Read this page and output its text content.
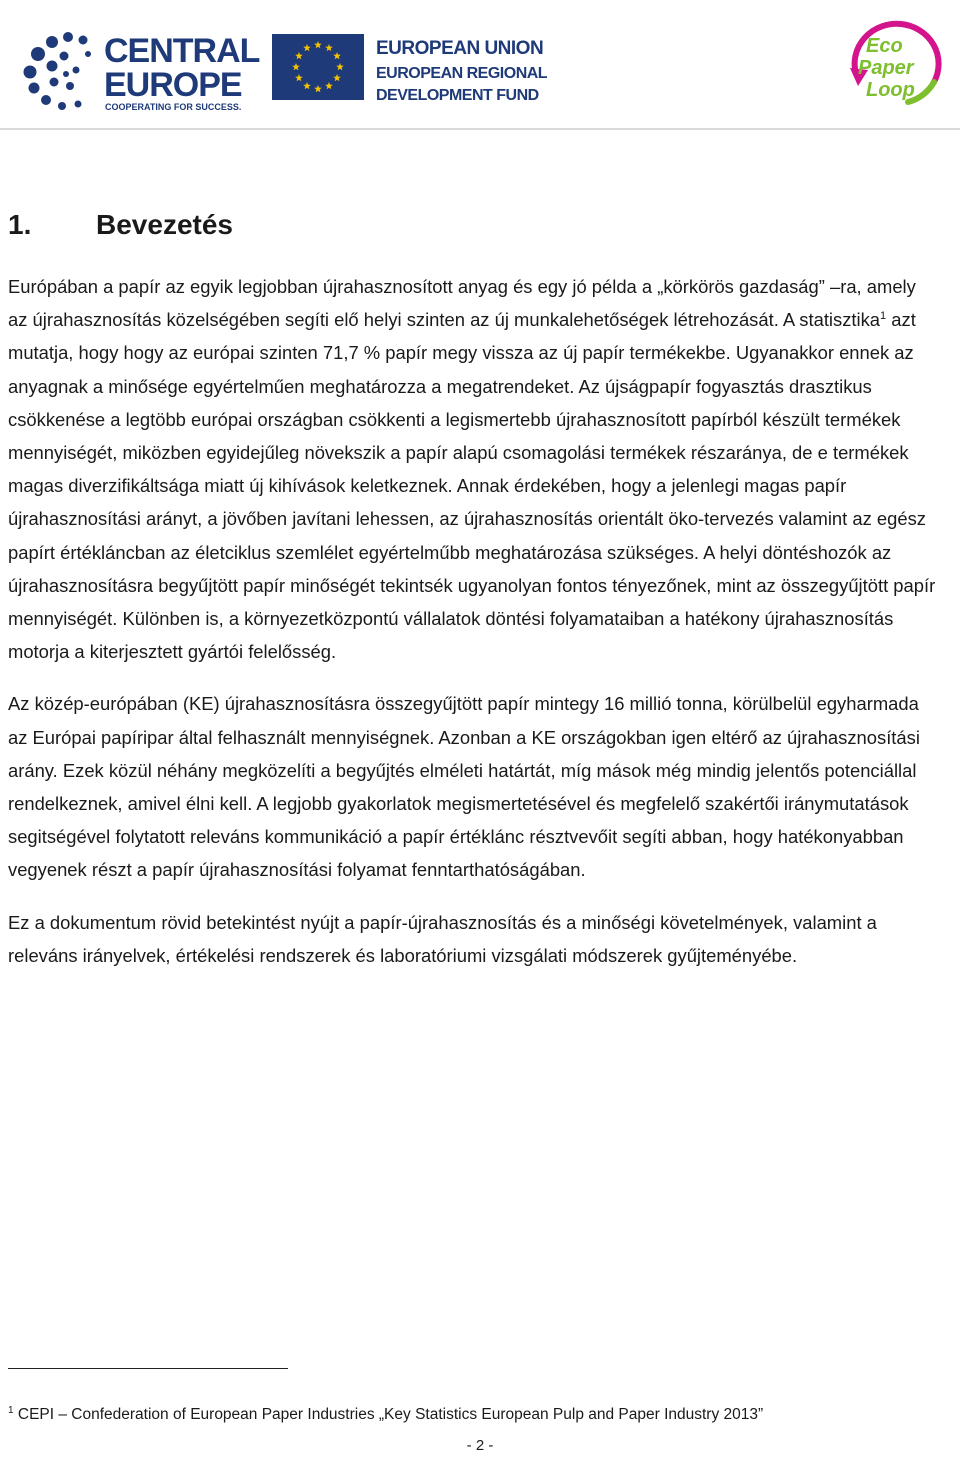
CENTRAL
EUROPE
COOPERATING FOR SUCCESS.
EUROPEAN UNION
EUROPEAN REGIONAL
DEVELOPMENT FUND
Eco
Paper
Loop
1.	Bevezetés

Európában a papír az egyik legjobban újrahasznosított anyag és egy jó példa a „körkörös gazdaság” –ra, amely az újrahasznosítás közelségében segíti elő helyi szinten az új munkalehetőségek létrehozását. A statisztika$^1$ azt mutatja, hogy hogy az európai szinten 71,7 % papír megy vissza az új papír termékekbe. Ugyanakkor ennek az anyagnak a minősége egyértelműen meghatározza a megatrendeket. Az újságpapír fogyasztás drasztikus csökkenése a legtöbb európai országban csökkenti a legismertebb újrahasznosított papírból készült termékek mennyiségét, miközben egyidejűleg növekszik a papír alapú csomagolási termékek részaránya, de e termékek magas diverzifikáltsága miatt új kihívások keletkeznek. Annak érdekében, hogy a jelenlegi magas papír újrahasznosítási arányt, a jövőben javítani lehessen, az újrahasznosítás orientált öko-tervezés valamint az egész papírt értékláncban az életciklus szemlélet egyértelműbb meghatározása szükséges. A helyi döntéshozók az újrahasznosításra begyűjtött papír minőségét tekintsék ugyanolyan fontos tényezőnek, mint az összegyűjtött papír mennyiségét. Különben is, a környezetközpontú vállalatok döntési folyamataiban a hatékony újrahasznosítás motorja a kiterjesztett gyártói felelősség.

Az közép-európában (KE) újrahasznosításra összegyűjtött papír mintegy 16 millió tonna, körülbelül egyharmada az Európai papíripar által felhasznált mennyiségnek. Azonban a KE országokban igen eltérő az újrahasznosítási arány. Ezek közül néhány megközelíti a begyűjtés elméleti határtát, míg mások még mindig jelentős potenciállal rendelkeznek, amivel élni kell. A legjobb gyakorlatok megismertetésével és megfelelő szakértői iránymutatások segitségével folytatott releváns kommunikáció a papír értéklánc résztvevőit segíti abban, hogy hatékonyabban vegyenek részt a papír újrahasznosítási folyamat fenntarthatóságában.

Ez a dokumentum rövid betekintést nyújt a papír-újrahasznosítás és a minőségi követelmények, valamint a releváns irányelvek, értékelési rendszerek és laboratóriumi vizsgálati módszerek gyűjteményébe.

$^1$ CEPI – Confederation of European Paper Industries „Key Statistics European Pulp and Paper Industry 2013”
- 2 -
